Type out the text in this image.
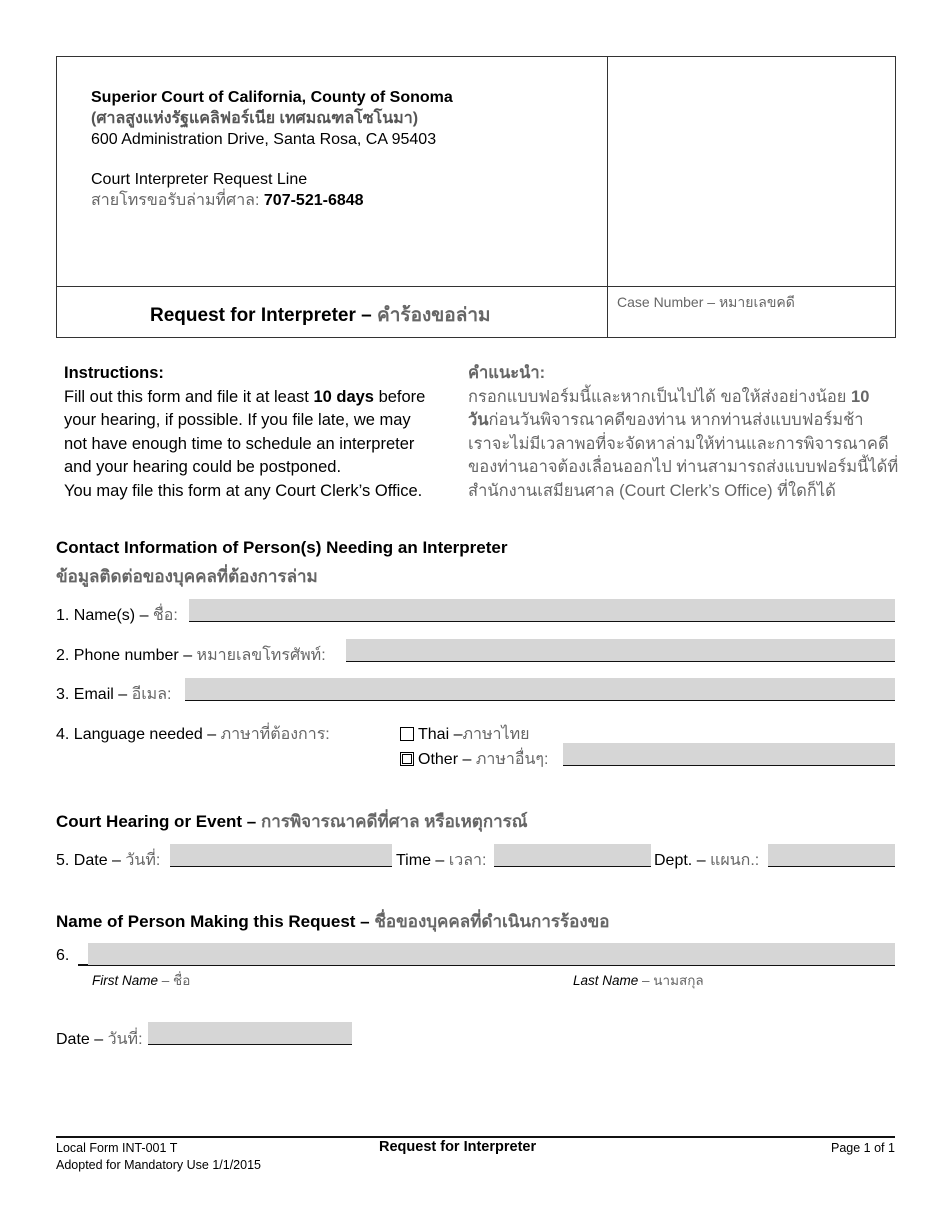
Superior Court of California, County of Sonoma
(ศาลสูงแห่งรัฐแคลิฟอร์เนีย เทศมณฑลโซโนมา)
600 Administration Drive, Santa Rosa, CA 95403
Court Interpreter Request Line
สายโทรขอรับล่ามที่ศาล: 707-521-6848
Request for Interpreter – คำร้องขอล่าม
Case Number – หมายเลขคดี
Instructions:
Fill out this form and file it at least 10 days before
your hearing, if possible. If you file late, we may
not have enough time to schedule an interpreter
and your hearing could be postponed.
You may file this form at any Court Clerk’s Office.
คำแนะนำ:
กรอกแบบฟอร์มนี้และหากเป็นไปได้ ขอให้ส่งอย่างน้อย 10
วันก่อนวันพิจารณาคดีของท่าน หากท่านส่งแบบฟอร์มช้า
เราจะไม่มีเวลาพอที่จะจัดหาล่ามให้ท่านและการพิจารณาคดี
ของท่านอาจต้องเลื่อนออกไป ท่านสามารถส่งแบบฟอร์มนี้ได้ที่
สำนักงานเสมียนศาล (Court Clerk’s Office) ที่ใดก็ได้
Contact Information of Person(s) Needing an Interpreter
ข้อมูลติดต่อของบุคคลที่ต้องการล่าม
1. Name(s) – ชื่อ:
2. Phone number – หมายเลขโทรศัพท์:
3. Email – อีเมล:
4. Language needed – ภาษาที่ต้องการ:	Thai –ภาษาไทย
Other – ภาษาอื่นๆ:
Court Hearing or Event – การพิจารณาคดีที่ศาล หรือเหตุการณ์
5. Date – วันที่:	Time – เวลา:	Dept. – แผนก.:
Name of Person Making this Request – ชื่อของบุคคลที่ดำเนินการร้องขอ
6.
First Name – ชื่อ	Last Name – นามสกุล
Date – วันที่:
Local Form INT-001 T
Adopted for Mandatory Use 1/1/2015
Request for Interpreter	Page 1 of 1
